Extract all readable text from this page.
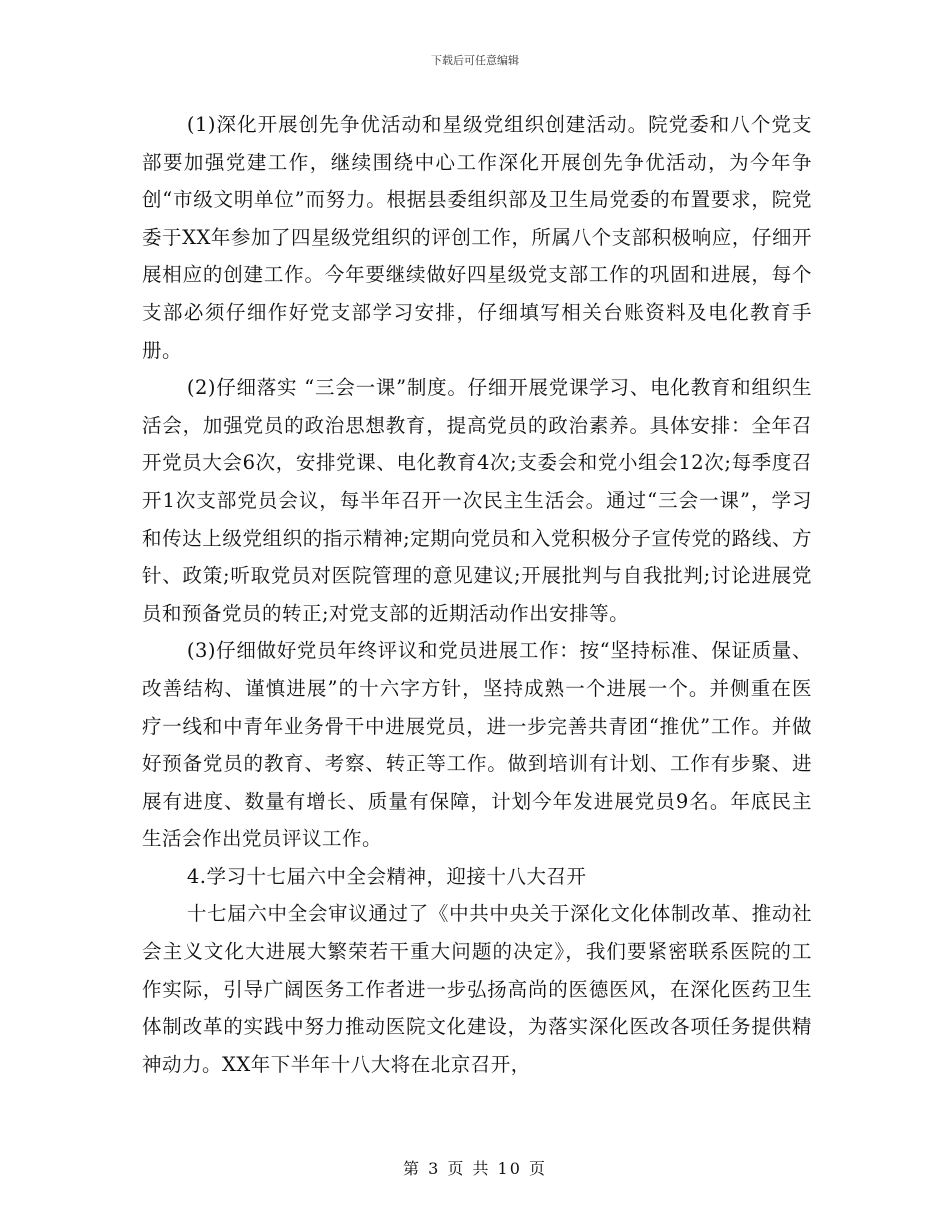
下载后可任意编辑

(1)深化开展创先争优活动和星级党组织创建活动。院党委和八个党支部要加强党建工作，继续围绕中心工作深化开展创先争优活动，为今年争创“市级文明单位”而努力。根据县委组织部及卫生局党委的布置要求，院党委于XX年参加了四星级党组织的评创工作，所属八个支部积极响应，仔细开展相应的创建工作。今年要继续做好四星级党支部工作的巩固和进展，每个支部必须仔细作好党支部学习安排，仔细填写相关台账资料及电化教育手册。

(2)仔细落实 “三会一课”制度。仔细开展党课学习、电化教育和组织生活会，加强党员的政治思想教育，提高党员的政治素养。具体安排：全年召开党员大会6次，安排党课、电化教育4次;支委会和党小组会12次;每季度召开1次支部党员会议，每半年召开一次民主生活会。通过“三会一课”，学习和传达上级党组织的指示精神;定期向党员和入党积极分子宣传党的路线、方针、政策;听取党员对医院管理的意见建议;开展批判与自我批判;讨论进展党员和预备党员的转正;对党支部的近期活动作出安排等。

(3)仔细做好党员年终评议和党员进展工作：按“坚持标准、保证质量、改善结构、谨慎进展”的十六字方针，坚持成熟一个进展一个。并侧重在医疗一线和中青年业务骨干中进展党员，进一步完善共青团“推优”工作。并做好预备党员的教育、考察、转正等工作。做到培训有计划、工作有步聚、进展有进度、数量有增长、质量有保障，计划今年发进展党员9名。年底民主生活会作出党员评议工作。

4.学习十七届六中全会精神，迎接十八大召开

十七届六中全会审议通过了《中共中央关于深化文化体制改革、推动社会主义文化大进展大繁荣若干重大问题的决定》，我们要紧密联系医院的工作实际，引导广阔医务工作者进一步弘扬高尚的医德医风，在深化医药卫生体制改革的实践中努力推动医院文化建设，为落实深化医改各项任务提供精神动力。XX年下半年十八大将在北京召开，

第 3 页 共 10 页
